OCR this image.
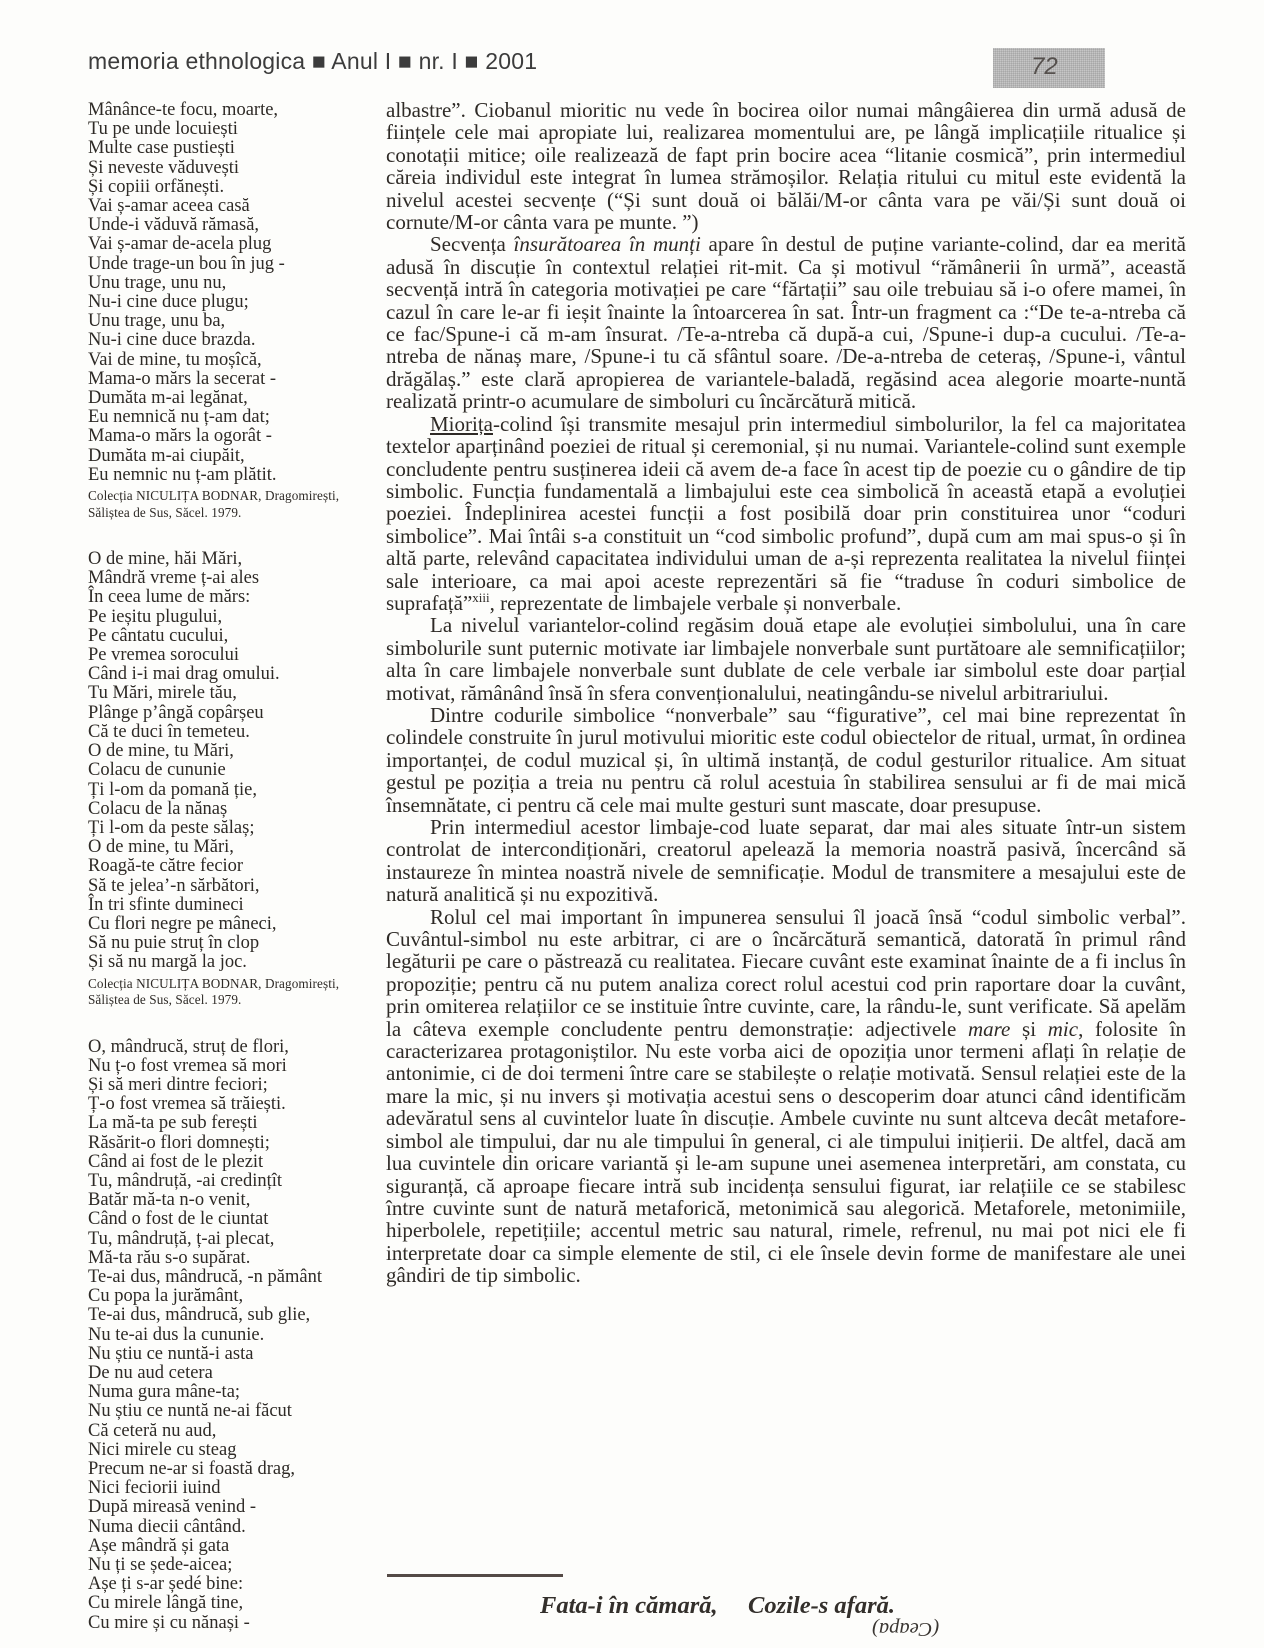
memoria ethnologica ■ Anul I ■ nr. I ■ 2001	72
Mânânce-te focu, moarte,
Tu pe unde locuiești
Multe case pustiești
Și neveste văduvești
Și copiii orfănești.
Vai ș-amar aceea casă
Unde-i văduvă rămasă,
Vai ș-amar de-acela plug
Unde trage-un bou în jug -
Unu trage, unu nu,
Nu-i cine duce plugu;
Unu trage, unu ba,
Nu-i cine duce brazda.
Vai de mine, tu moșîcă,
Mama-o mărs la secerat -
Dumăta m-ai legănat,
Eu nemnică nu ț-am dat;
Mama-o mărs la ogorât -
Dumăta m-ai ciupăit,
Eu nemnic nu ț-am plătit.
Colecția NICULIȚA BODNAR, Dragomirești, Săliștea de Sus, Săcel. 1979.
O de mine, hăi Mări,
Mândră vreme ț-ai ales
În ceea lume de mărs:
Pe ieșitu plugului,
Pe cântatu cucului,
Pe vremea sorocului
Când i-i mai drag omului.
Tu Mări, mirele tău,
Plânge p’ângă copârșeu
Că te duci în temeteu.
O de mine, tu Mări,
Colacu de cununie
Ți l-om da pomană ție,
Colacu de la nănaș
Ți l-om da peste sălaș;
O de mine, tu Mări,
Roagă-te către fecior
Să te jelea’-n sărbători,
În tri sfinte dumineci
Cu flori negre pe mâneci,
Să nu puie struț în clop
Și să nu margă la joc.
Colecția NICULIȚA BODNAR, Dragomirești, Săliștea de Sus, Săcel. 1979.
O, mândrucă, struț de flori,
Nu ț-o fost vremea să mori
Și să meri dintre feciori;
Ț-o fost vremea să trăiești.
La mă-ta pe sub ferești
Răsărit-o flori domnești;
Când ai fost de le plezit
Tu, mândruță, -ai credințît
Batăr mă-ta n-o venit,
Când o fost de le ciuntat
Tu, mândruță, ț-ai plecat,
Mă-ta rău s-o supărat.
Te-ai dus, mândrucă, -n pământ
Cu popa la jurământ,
Te-ai dus, mândrucă, sub glie,
Nu te-ai dus la cununie.
Nu știu ce nuntă-i asta
De nu aud cetera
Numa gura mâne-ta;
Nu știu ce nuntă ne-ai făcut
Că ceteră nu aud,
Nici mirele cu steag
Precum ne-ar si foastă drag,
Nici feciorii iuind
După mireasă venind -
Numa diecii cântând.
Așe mândră și gata
Nu ți se șede-aicea;
Așe ți s-ar ședé bine:
Cu mirele lângă tine,
Cu mire și cu nănași -

albastre”. Ciobanul mioritic nu vede în bocirea oilor numai mângâierea din urmă adusă de ființele cele mai apropiate lui, realizarea momentului are, pe lângă implicațiile ritualice și conotații mitice; oile realizează de fapt prin bocire acea “litanie cosmică”, prin intermediul căreia individul este integrat în lumea strămoșilor. Relația ritului cu mitul este evidentă la nivelul acestei secvențe (“Și sunt două oi bălăi/M-or cânta vara pe văi/Și sunt două oi cornute/M-or cânta vara pe munte. ”)

Secvența însurătoarea în munți apare în destul de puține variante-colind, dar ea merită adusă în discuție în contextul relației rit-mit. Ca și motivul “rămânerii în urmă”, această secvență intră în categoria motivației pe care “fărtații” sau oile trebuiau să i-o ofere mamei, în cazul în care le-ar fi ieșit înainte la întoarcerea în sat. Într-un fragment ca :“De te-a-ntreba că ce fac/Spune-i că m-am însurat. /Te-a-ntreba că după-a cui, /Spune-i dup-a cucului. /Te-a-ntreba de nănaș mare, /Spune-i tu că sfântul soare. /De-a-ntreba de ceteraș, /Spune-i, vântul drăgălaș.” este clară apropierea de variantele-baladă, regăsind acea alegorie moarte-nuntă realizată printr-o acumulare de simboluri cu încărcătură mitică.

Miorița-colind își transmite mesajul prin intermediul simbolurilor, la fel ca majoritatea textelor aparținând poeziei de ritual și ceremonial, și nu numai. Variantele-colind sunt exemple concludente pentru susținerea ideii că avem de-a face în acest tip de poezie cu o gândire de tip simbolic. Funcția fundamentală a limbajului este cea simbolică în această etapă a evoluției poeziei. Îndeplinirea acestei funcții a fost posibilă doar prin constituirea unor “coduri simbolice”. Mai întâi s-a constituit un “cod simbolic profund”, după cum am mai spus-o și în altă parte, relevând capacitatea individului uman de a-și reprezenta realitatea la nivelul ființei sale interioare, ca mai apoi aceste reprezentări să fie “traduse în coduri simbolice de suprafață”$^{xiii}$, reprezentate de limbajele verbale și nonverbale.

La nivelul variantelor-colind regăsim două etape ale evoluției simbolului, una în care simbolurile sunt puternic motivate iar limbajele nonverbale sunt purtătoare ale semnificațiilor; alta în care limbajele nonverbale sunt dublate de cele verbale iar simbolul este doar parțial motivat, rămânând însă în sfera convenționalului, neatingându-se nivelul arbitrariului.

Dintre codurile simbolice “nonverbale” sau “figurative”, cel mai bine reprezentat în colindele construite în jurul motivului mioritic este codul obiectelor de ritual, urmat, în ordinea importanței, de codul muzical și, în ultimă instanță, de codul gesturilor ritualice. Am situat gestul pe poziția a treia nu pentru că rolul acestuia în stabilirea sensului ar fi de mai mică însemnătate, ci pentru că cele mai multe gesturi sunt mascate, doar presupuse.

Prin intermediul acestor limbaje-cod luate separat, dar mai ales situate într-un sistem controlat de intercondiționări, creatorul apelează la memoria noastră pasivă, încercând să instaureze în mintea noastră nivele de semnificație. Modul de transmitere a mesajului este de natură analitică și nu expozitivă.

Rolul cel mai important în impunerea sensului îl joacă însă “codul simbolic verbal”. Cuvântul-simbol nu este arbitrar, ci are o încărcătură semantică, datorată în primul rând legăturii pe care o păstrează cu realitatea. Fiecare cuvânt este examinat înainte de a fi inclus în propoziție; pentru că nu putem analiza corect rolul acestui cod prin raportare doar la cuvânt, prin omiterea relațiilor ce se instituie între cuvinte, care, la rându-le, sunt verificate. Să apelăm la câteva exemple concludente pentru demonstrație: adjectivele mare și mic, folosite în caracterizarea protagoniștilor. Nu este vorba aici de opoziția unor termeni aflați în relație de antonimie, ci de doi termeni între care se stabilește o relație motivată. Sensul relației este de la mare la mic, și nu invers și motivația acestui sens o descoperim doar atunci când identificăm adevăratul sens al cuvintelor luate în discuție. Ambele cuvinte nu sunt altceva decât metafore-simbol ale timpului, dar nu ale timpului în general, ci ale timpului inițierii. De altfel, dacă am lua cuvintele din oricare variantă și le-am supune unei asemenea interpretări, am constata, cu siguranță, că aproape fiecare intră sub incidența sensului figurat, iar relațiile ce se stabilesc între cuvinte sunt de natură metaforică, metonimică sau alegorică. Metaforele, metonimiile, hiperbolele, repetițiile; accentul metric sau natural, rimele, refrenul, nu mai pot nici ele fi interpretate doar ca simple elemente de stil, ci ele însele devin forme de manifestare ale unei gândiri de tip simbolic.

Fata-i în cămară, Cozile-s afară.
(Ceapa)
